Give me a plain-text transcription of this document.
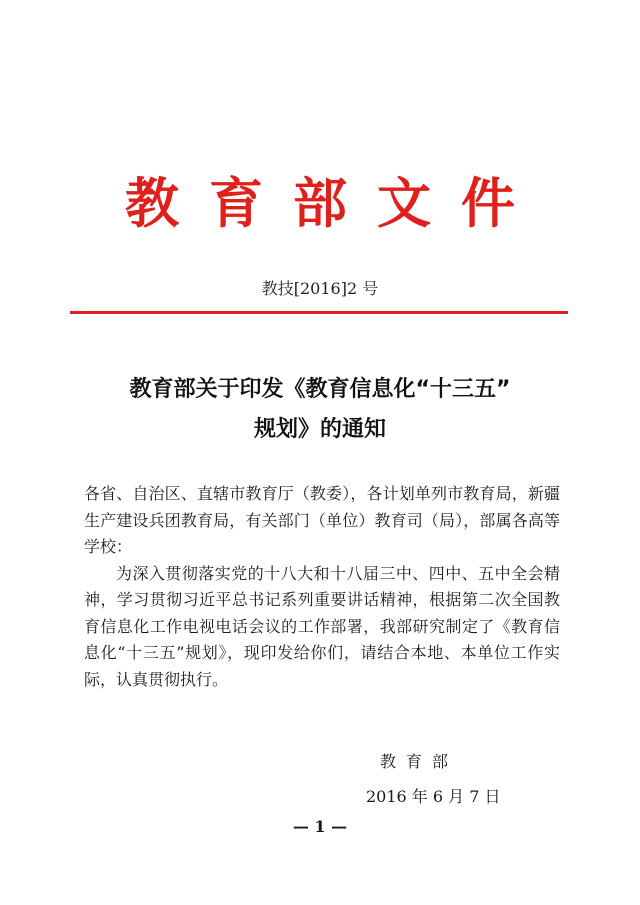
教育部文件
教技[2016]2 号
教育部关于印发《教育信息化“十三五”
规划》的通知

各省、自治区、直辖市教育厅（教委），各计划单列市教育局，新疆生产建设兵团教育局，有关部门（单位）教育司（局），部属各高等学校：

为深入贯彻落实党的十八大和十八届三中、四中、五中全会精神，学习贯彻习近平总书记系列重要讲话精神，根据第二次全国教育信息化工作电视电话会议的工作部署，我部研究制定了《教育信息化“十三五”规划》，现印发给你们，请结合本地、本单位工作实际，认真贯彻执行。

教育部
2016 年 6 月 7 日
— 1 —
